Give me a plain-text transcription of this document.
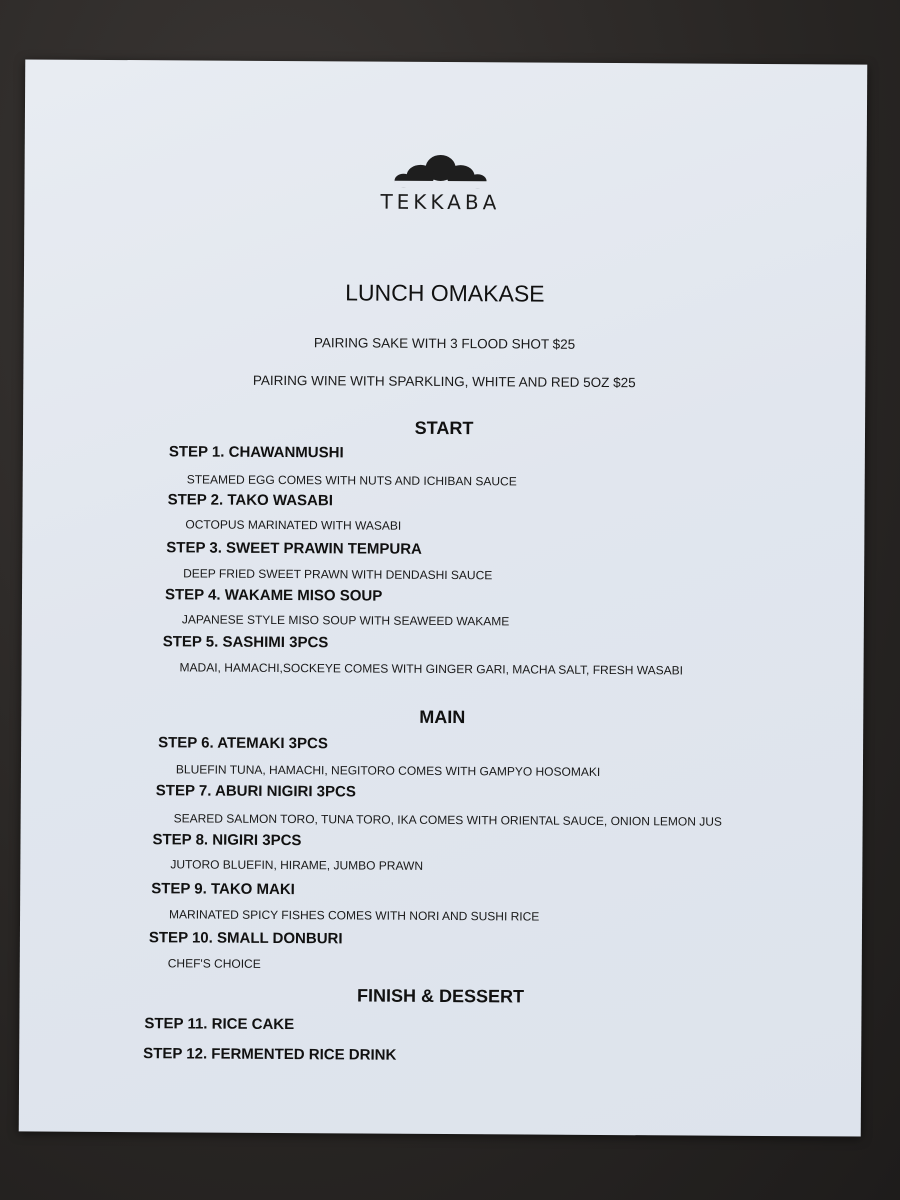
TEKKABA
LUNCH OMAKASE
PAIRING SAKE WITH 3 FLOOD SHOT $25
PAIRING WINE WITH SPARKLING, WHITE AND RED 5OZ $25
START
STEP 1. CHAWANMUSHI
STEAMED EGG COMES WITH NUTS AND ICHIBAN SAUCE
STEP 2. TAKO WASABI
OCTOPUS MARINATED WITH WASABI
STEP 3. SWEET PRAWIN TEMPURA
DEEP FRIED SWEET PRAWN WITH DENDASHI SAUCE
STEP 4. WAKAME MISO SOUP
JAPANESE STYLE MISO SOUP WITH SEAWEED WAKAME
STEP 5. SASHIMI 3PCS
MADAI, HAMACHI,SOCKEYE COMES WITH GINGER GARI, MACHA SALT, FRESH WASABI
MAIN
STEP 6. ATEMAKI 3PCS
BLUEFIN TUNA, HAMACHI, NEGITORO COMES WITH GAMPYO HOSOMAKI
STEP 7. ABURI NIGIRI 3PCS
SEARED SALMON TORO, TUNA TORO, IKA COMES WITH ORIENTAL SAUCE, ONION LEMON JUS
STEP 8. NIGIRI 3PCS
JUTORO BLUEFIN, HIRAME, JUMBO PRAWN
STEP 9. TAKO MAKI
MARINATED SPICY FISHES COMES WITH NORI AND SUSHI RICE
STEP 10. SMALL DONBURI
CHEF'S CHOICE
FINISH & DESSERT
STEP 11. RICE CAKE
STEP 12. FERMENTED RICE DRINK
